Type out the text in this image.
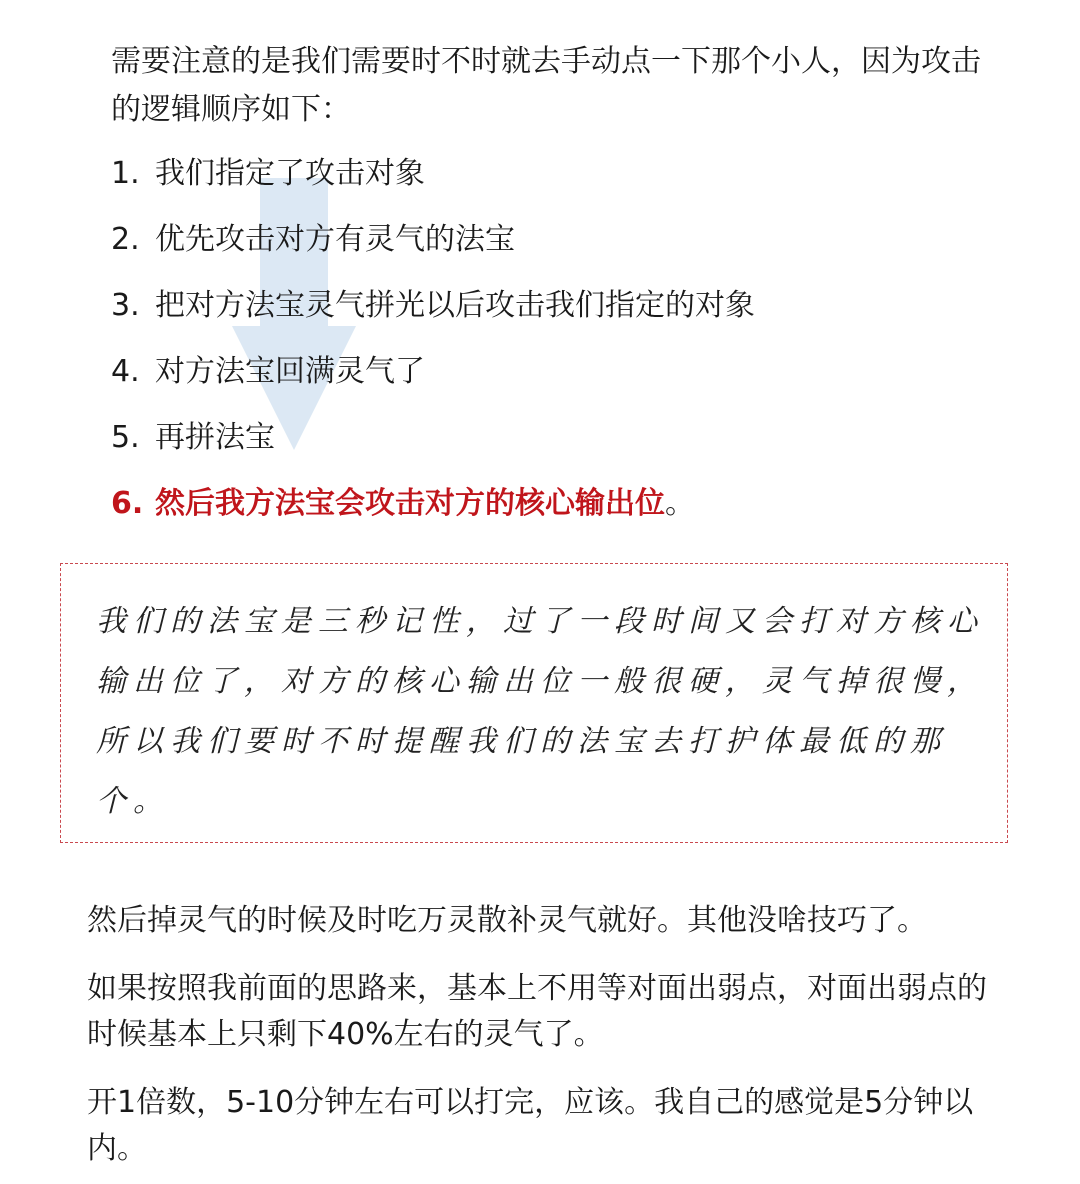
需要注意的是我们需要时不时就去手动点一下那个小人，因为攻击的逻辑顺序如下：

1. 我们指定了攻击对象
2. 优先攻击对方有灵气的法宝
3. 把对方法宝灵气拼光以后攻击我们指定的对象
4. 对方法宝回满灵气了
5. 再拼法宝
6. 然后我方法宝会攻击对方的核心输出位。

我们的法宝是三秒记性，过了一段时间又会打对方核心输出位了，对方的核心输出位一般很硬，灵气掉很慢，所以我们要时不时提醒我们的法宝去打护体最低的那个。

然后掉灵气的时候及时吃万灵散补灵气就好。其他没啥技巧了。

如果按照我前面的思路来，基本上不用等对面出弱点，对面出弱点的时候基本上只剩下40%左右的灵气了。

开1倍数，5-10分钟左右可以打完，应该。我自己的感觉是5分钟以内。
